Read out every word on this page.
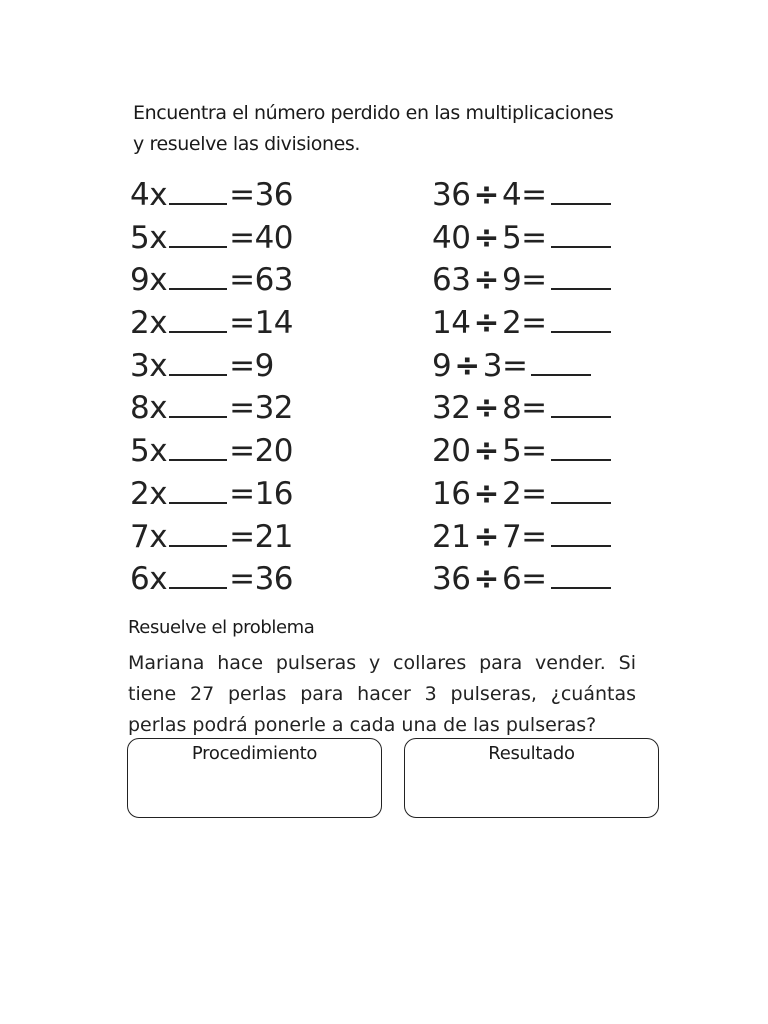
Encuentra el número perdido en las multiplicaciones
y resuelve las divisiones.
4x =36
5x =40
9x =63
2x =14
3x =9
8x =32
5x =20
2x =16
7x =21
6x =36
36÷4=
40÷5=
63÷9=
14÷2=
9÷3=
32÷8=
20÷5=
16÷2=
21÷7=
36÷6=
Resuelve el problema
Mariana hace pulseras y collares para vender. Si tiene 27 perlas para hacer 3 pulseras, ¿cuántas perlas podrá ponerle a cada una de las pulseras?
Procedimiento	Resultado
